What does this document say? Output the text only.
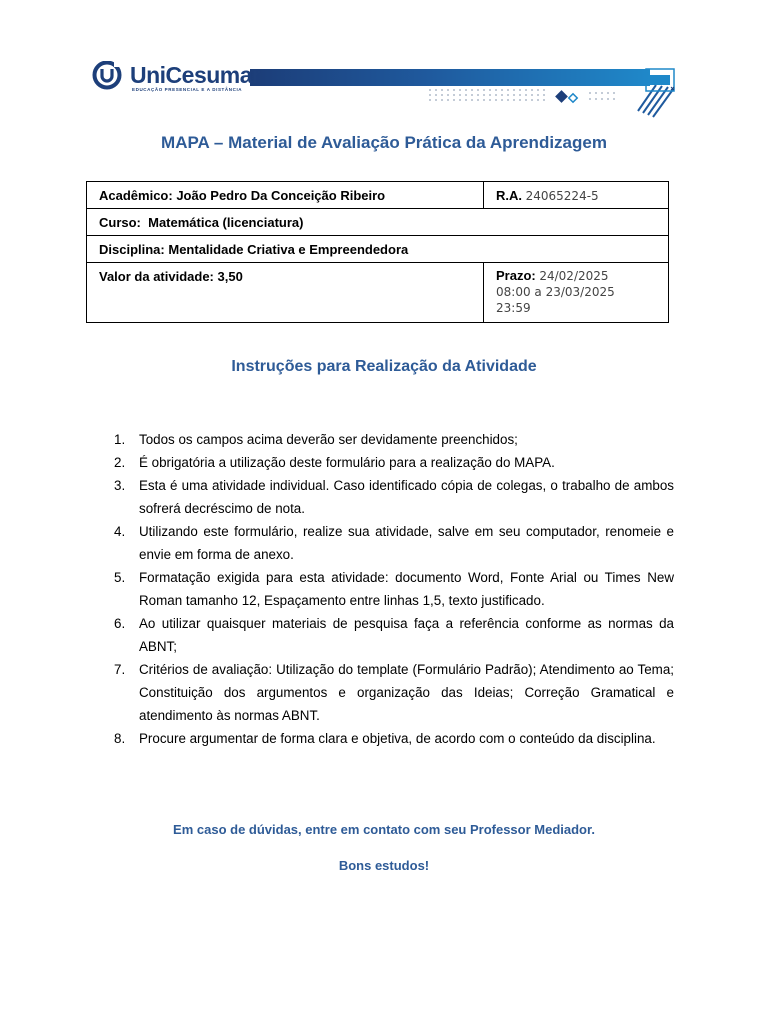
UniCesumar
EDUCAÇÃO PRESENCIAL E A DISTÂNCIA
MAPA – Material de Avaliação Prática da Aprendizagem
Acadêmico: João Pedro Da Conceição Ribeiro	R.A. 24065224-5
Curso: Matemática (licenciatura)	
Disciplina: Mentalidade Criativa e Empreendedora	
Valor da atividade: 3,50	Prazo: 24/02/2025
08:00 a 23/03/2025
23:59
Instruções para Realização da Atividade
1. Todos os campos acima deverão ser devidamente preenchidos;
2. É obrigatória a utilização deste formulário para a realização do MAPA.
3. Esta é uma atividade individual. Caso identificado cópia de colegas, o trabalho de ambos sofrerá decréscimo de nota.
4. Utilizando este formulário, realize sua atividade, salve em seu computador, renomeie e envie em forma de anexo.
5. Formatação exigida para esta atividade: documento Word, Fonte Arial ou Times New Roman tamanho 12, Espaçamento entre linhas 1,5, texto justificado.
6. Ao utilizar quaisquer materiais de pesquisa faça a referência conforme as normas da ABNT;
7. Critérios de avaliação: Utilização do template (Formulário Padrão); Atendimento ao Tema; Constituição dos argumentos e organização das Ideias; Correção Gramatical e atendimento às normas ABNT.
8. Procure argumentar de forma clara e objetiva, de acordo com o conteúdo da disciplina.
Em caso de dúvidas, entre em contato com seu Professor Mediador.
Bons estudos!
